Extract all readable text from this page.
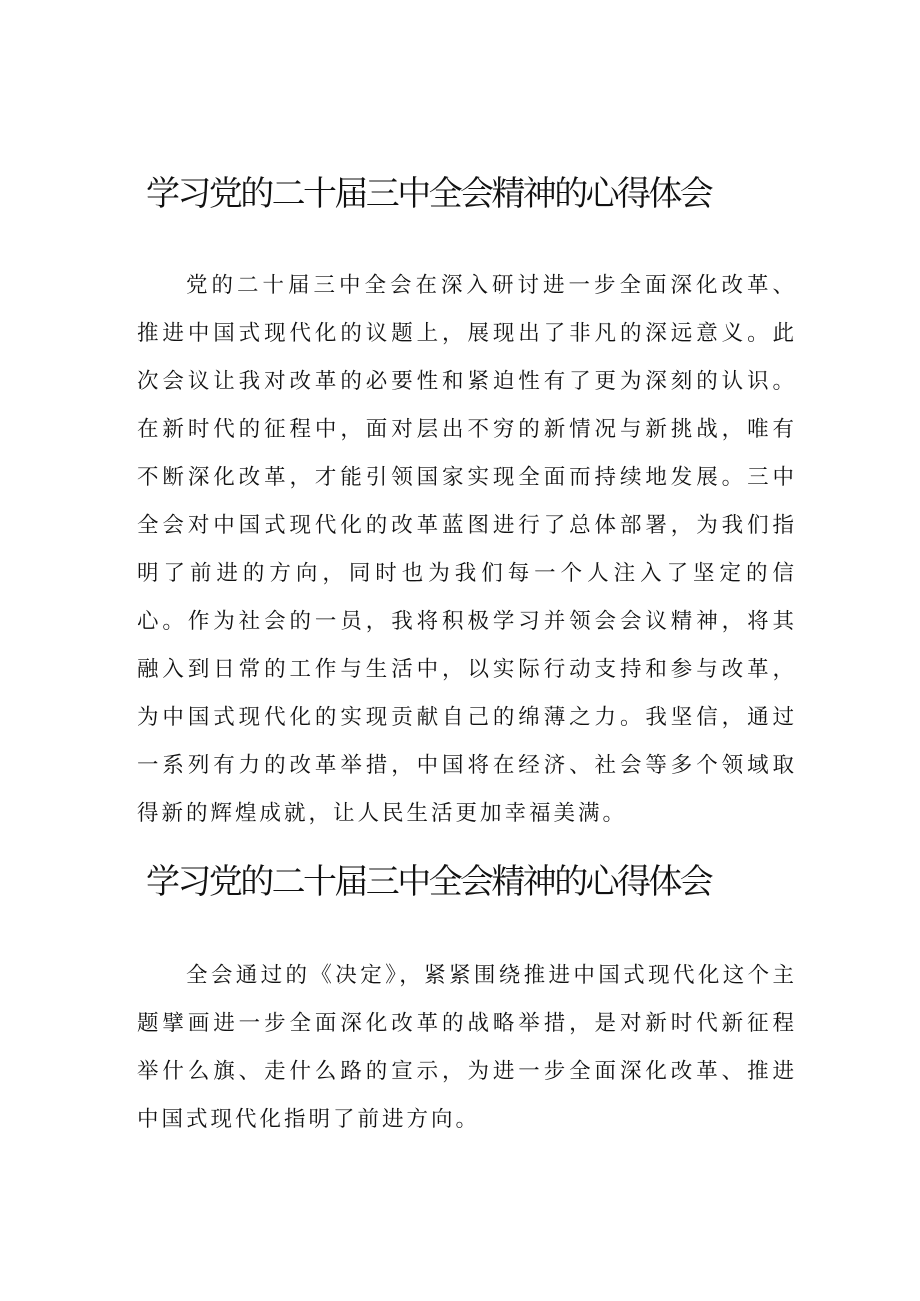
学习党的二十届三中全会精神的心得体会

党的二十届三中全会在深入研讨进一步全面深化改革、推进中国式现代化的议题上，展现出了非凡的深远意义。此次会议让我对改革的必要性和紧迫性有了更为深刻的认识。在新时代的征程中，面对层出不穷的新情况与新挑战，唯有不断深化改革，才能引领国家实现全面而持续地发展。三中全会对中国式现代化的改革蓝图进行了总体部署，为我们指明了前进的方向，同时也为我们每一个人注入了坚定的信心。作为社会的一员，我将积极学习并领会会议精神，将其融入到日常的工作与生活中，以实际行动支持和参与改革，为中国式现代化的实现贡献自己的绵薄之力。我坚信，通过一系列有力的改革举措，中国将在经济、社会等多个领域取得新的辉煌成就，让人民生活更加幸福美满。

学习党的二十届三中全会精神的心得体会

全会通过的《决定》，紧紧围绕推进中国式现代化这个主题擘画进一步全面深化改革的战略举措，是对新时代新征程举什么旗、走什么路的宣示，为进一步全面深化改革、推进中国式现代化指明了前进方向。
